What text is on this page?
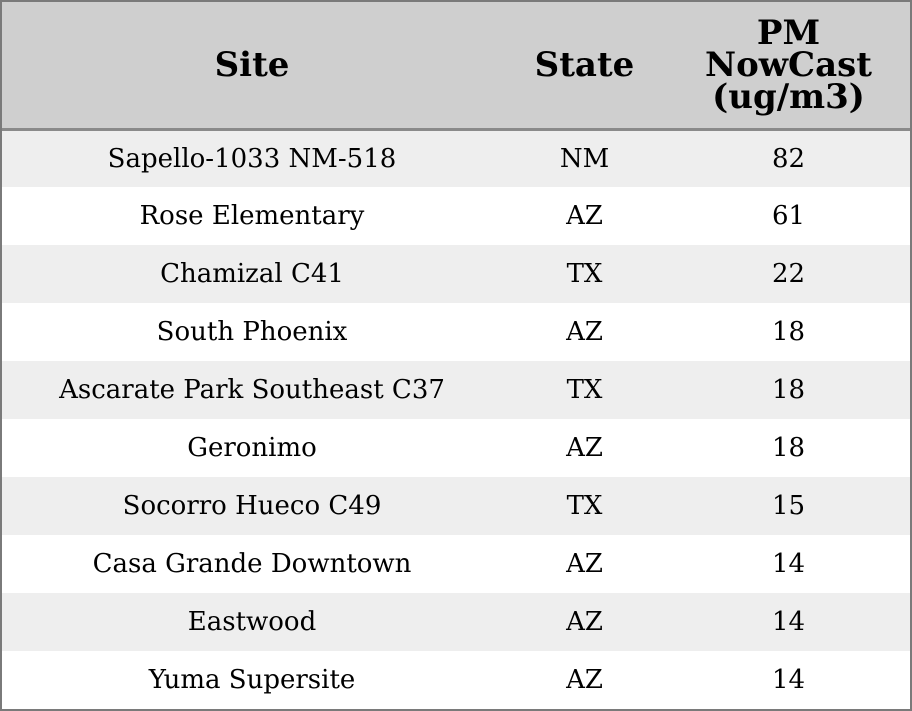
Site	State	PM
NowCast
(ug/m3)
Sapello-1033 NM-518	NM	82
Rose Elementary	AZ	61
Chamizal C41	TX	22
South Phoenix	AZ	18
Ascarate Park Southeast C37	TX	18
Geronimo	AZ	18
Socorro Hueco C49	TX	15
Casa Grande Downtown	AZ	14
Eastwood	AZ	14
Yuma Supersite	AZ	14
